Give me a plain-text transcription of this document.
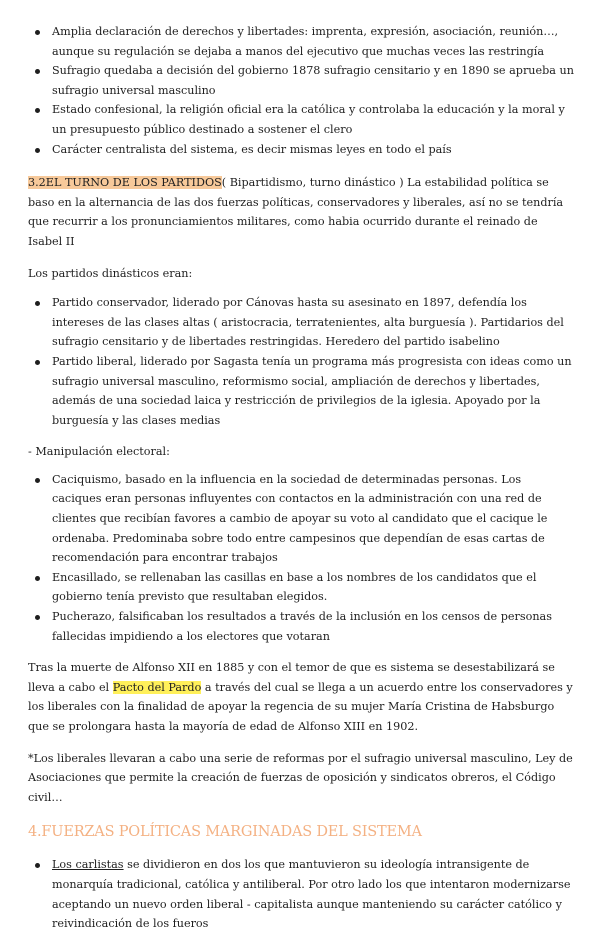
Amplia declaración de derechos y libertades: imprenta, expresión, asociación, reunión…, aunque su regulación se dejaba a manos del ejecutivo que muchas veces las restringía
Sufragio quedaba a decisión del gobierno 1878 sufragio censitario y en 1890 se aprueba un sufragio universal masculino
Estado confesional, la religión oficial era la católica y controlaba la educación y la moral y un presupuesto público destinado a sostener el clero
Carácter centralista del sistema, es decir mismas leyes en todo el país

3.2EL TURNO DE LOS PARTIDOS( Bipartidismo, turno dinástico ) La estabilidad política se baso en la alternancia de las dos fuerzas políticas, conservadores y liberales, así no se tendría que recurrir a los pronunciamientos militares, como habia ocurrido durante el reinado de Isabel II

Los partidos dinásticos eran:

Partido conservador, liderado por Cánovas hasta su asesinato en 1897, defendía los intereses de las clases altas ( aristocracia, terratenientes, alta burguesía ). Partidarios del sufragio censitario y de libertades restringidas. Heredero del partido isabelino
Partido liberal, liderado por Sagasta tenía un programa más progresista con ideas como un sufragio universal masculino, reformismo social, ampliación de derechos y libertades, además de una sociedad laica y restricción de privilegios de la iglesia. Apoyado por la burguesía y las clases medias

- Manipulación electoral:

Caciquismo, basado en la influencia en la sociedad de determinadas personas. Los caciques eran personas influyentes con contactos en la administración con una red de clientes que recibían favores a cambio de apoyar su voto al candidato que el cacique le ordenaba. Predominaba sobre todo entre campesinos que dependían de esas cartas de recomendación para encontrar trabajos
Encasillado, se rellenaban las casillas en base a los nombres de los candidatos que el gobierno tenía previsto que resultaban elegidos.
Pucherazo, falsificaban los resultados a través de la inclusión en los censos de personas fallecidas impidiendo a los electores que votaran

Tras la muerte de Alfonso XII en 1885 y con el temor de que es sistema se desestabilizará se lleva a cabo el Pacto del Pardo a través del cual se llega a un acuerdo entre los conservadores y los liberales con la finalidad de apoyar la regencia de su mujer María Cristina de Habsburgo que se prolongara hasta la mayoría de edad de Alfonso XIII en 1902.

*Los liberales llevaran a cabo una serie de reformas por el sufragio universal masculino, Ley de Asociaciones que permite la creación de fuerzas de oposición y sindicatos obreros, el Código civil…

4.FUERZAS POLÍTICAS MARGINADAS DEL SISTEMA

Los carlistas se dividieron en dos los que mantuvieron su ideología intransigente de monarquía tradicional, católica y antiliberal. Por otro lado los que intentaron modernizarse aceptando un nuevo orden liberal - capitalista aunque manteniendo su carácter católico y reivindicación de los fueros
